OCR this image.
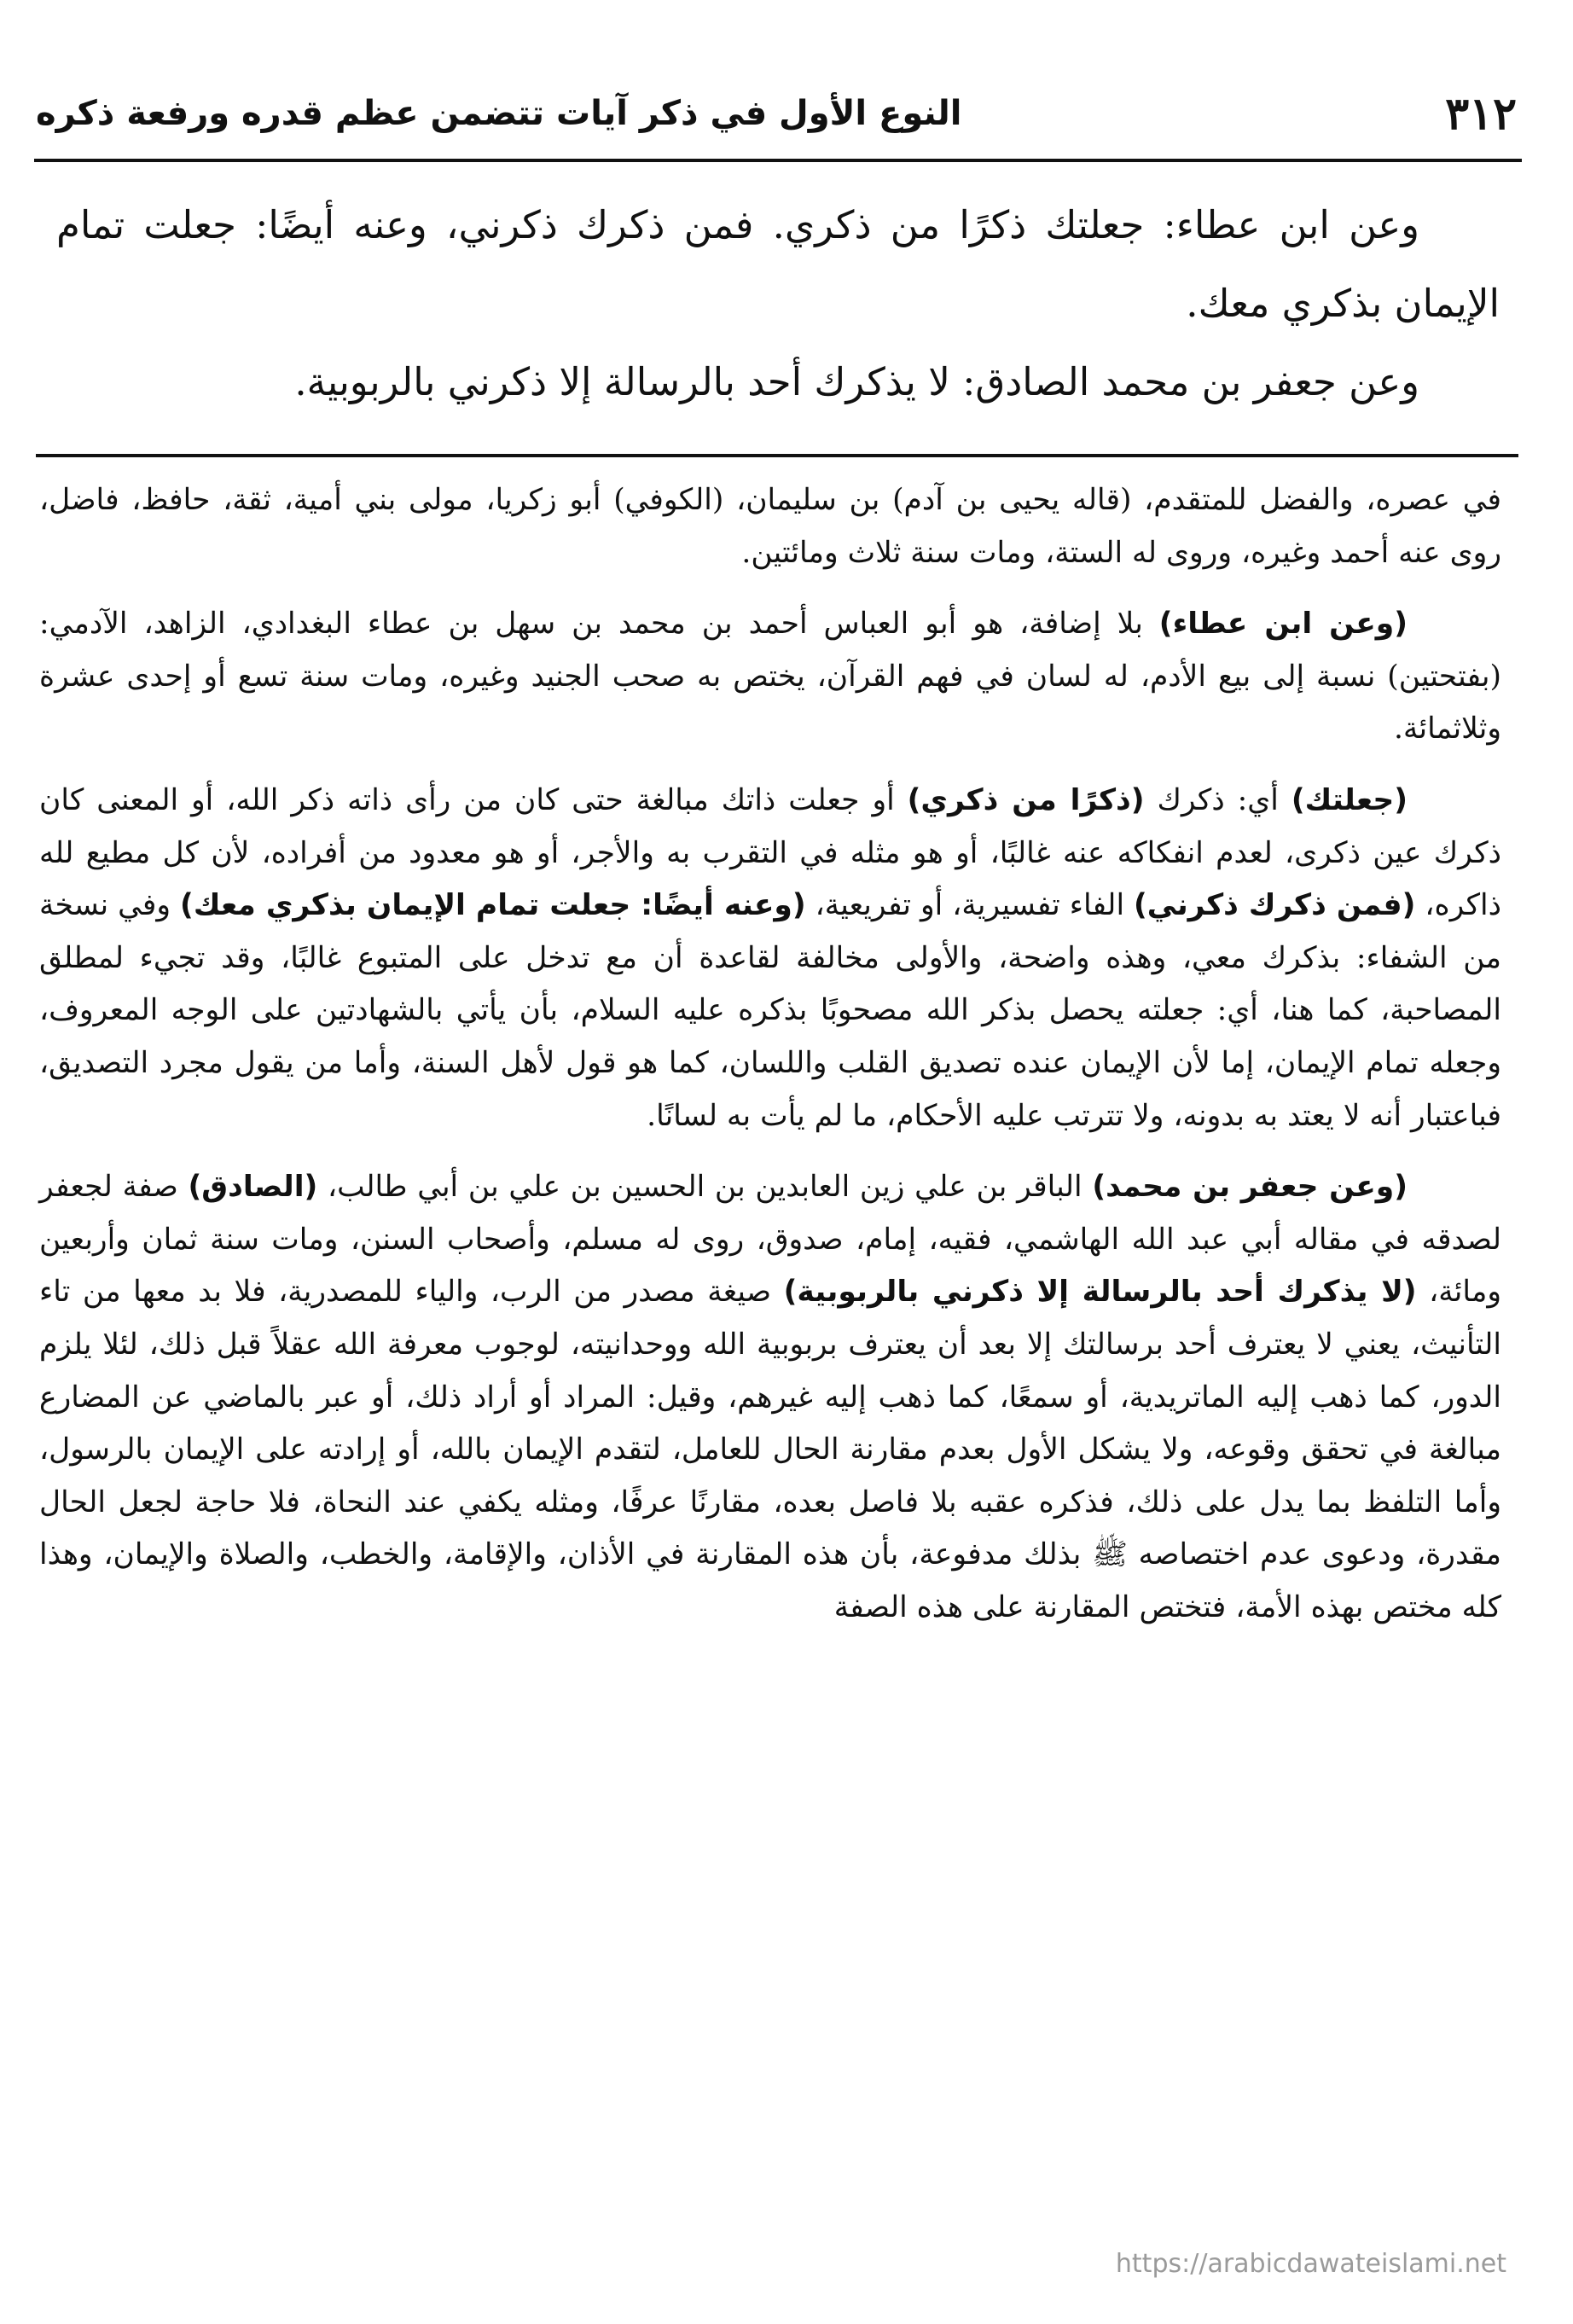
٣١٢
النوع الأول في ذكر آيات تتضمن عظم قدره ورفعة ذكره

وعن ابن عطاء: جعلتك ذكرًا من ذكري. فمن ذكرك ذكرني، وعنه أيضًا: جعلت تمام الإيمان بذكري معك.

وعن جعفر بن محمد الصادق: لا يذكرك أحد بالرسالة إلا ذكرني بالربوبية.

في عصره، والفضل للمتقدم، (قاله يحيى بن آدم) بن سليمان، (الكوفي) أبو زكريا، مولى بني أمية، ثقة، حافظ، فاضل، روى عنه أحمد وغيره، وروى له الستة، ومات سنة ثلاث ومائتين.

(وعن ابن عطاء) بلا إضافة، هو أبو العباس أحمد بن محمد بن سهل بن عطاء البغدادي، الزاهد، الآدمي: (بفتحتين) نسبة إلى بيع الأدم، له لسان في فهم القرآن، يختص به صحب الجنيد وغيره، ومات سنة تسع أو إحدى عشرة وثلاثمائة.

(جعلتك) أي: ذكرك (ذكرًا من ذكري) أو جعلت ذاتك مبالغة حتى كان من رأى ذاته ذكر الله، أو المعنى كان ذكرك عين ذكرى، لعدم انفكاكه عنه غالبًا، أو هو مثله في التقرب به والأجر، أو هو معدود من أفراده، لأن كل مطيع لله ذاكره، (فمن ذكرك ذكرني) الفاء تفسيرية، أو تفريعية، (وعنه أيضًا: جعلت تمام الإيمان بذكري معك) وفي نسخة من الشفاء: بذكرك معي، وهذه واضحة، والأولى مخالفة لقاعدة أن مع تدخل على المتبوع غالبًا، وقد تجيء لمطلق المصاحبة، كما هنا، أي: جعلته يحصل بذكر الله مصحوبًا بذكره عليه السلام، بأن يأتي بالشهادتين على الوجه المعروف، وجعله تمام الإيمان، إما لأن الإيمان عنده تصديق القلب واللسان، كما هو قول لأهل السنة، وأما من يقول مجرد التصديق، فباعتبار أنه لا يعتد به بدونه، ولا تترتب عليه الأحكام، ما لم يأت به لسانًا.

(وعن جعفر بن محمد) الباقر بن علي زين العابدين بن الحسين بن علي بن أبي طالب، (الصادق) صفة لجعفر لصدقه في مقاله أبي عبد الله الهاشمي، فقيه، إمام، صدوق، روى له مسلم، وأصحاب السنن، ومات سنة ثمان وأربعين ومائة، (لا يذكرك أحد بالرسالة إلا ذكرني بالربوبية) صيغة مصدر من الرب، والياء للمصدرية، فلا بد معها من تاء التأنيث، يعني لا يعترف أحد برسالتك إلا بعد أن يعترف بربوبية الله ووحدانيته، لوجوب معرفة الله عقلاً قبل ذلك، لئلا يلزم الدور، كما ذهب إليه الماتريدية، أو سمعًا، كما ذهب إليه غيرهم، وقيل: المراد أو أراد ذلك، أو عبر بالماضي عن المضارع مبالغة في تحقق وقوعه، ولا يشكل الأول بعدم مقارنة الحال للعامل، لتقدم الإيمان بالله، أو إرادته على الإيمان بالرسول، وأما التلفظ بما يدل على ذلك، فذكره عقبه بلا فاصل بعده، مقارنًا عرفًا، ومثله يكفي عند النحاة، فلا حاجة لجعل الحال مقدرة، ودعوى عدم اختصاصه ﷺ بذلك مدفوعة، بأن هذه المقارنة في الأذان، والإقامة، والخطب، والصلاة والإيمان، وهذا كله مختص بهذه الأمة، فتختص المقارنة على هذه الصفة

https://arabicdawateislami.net
